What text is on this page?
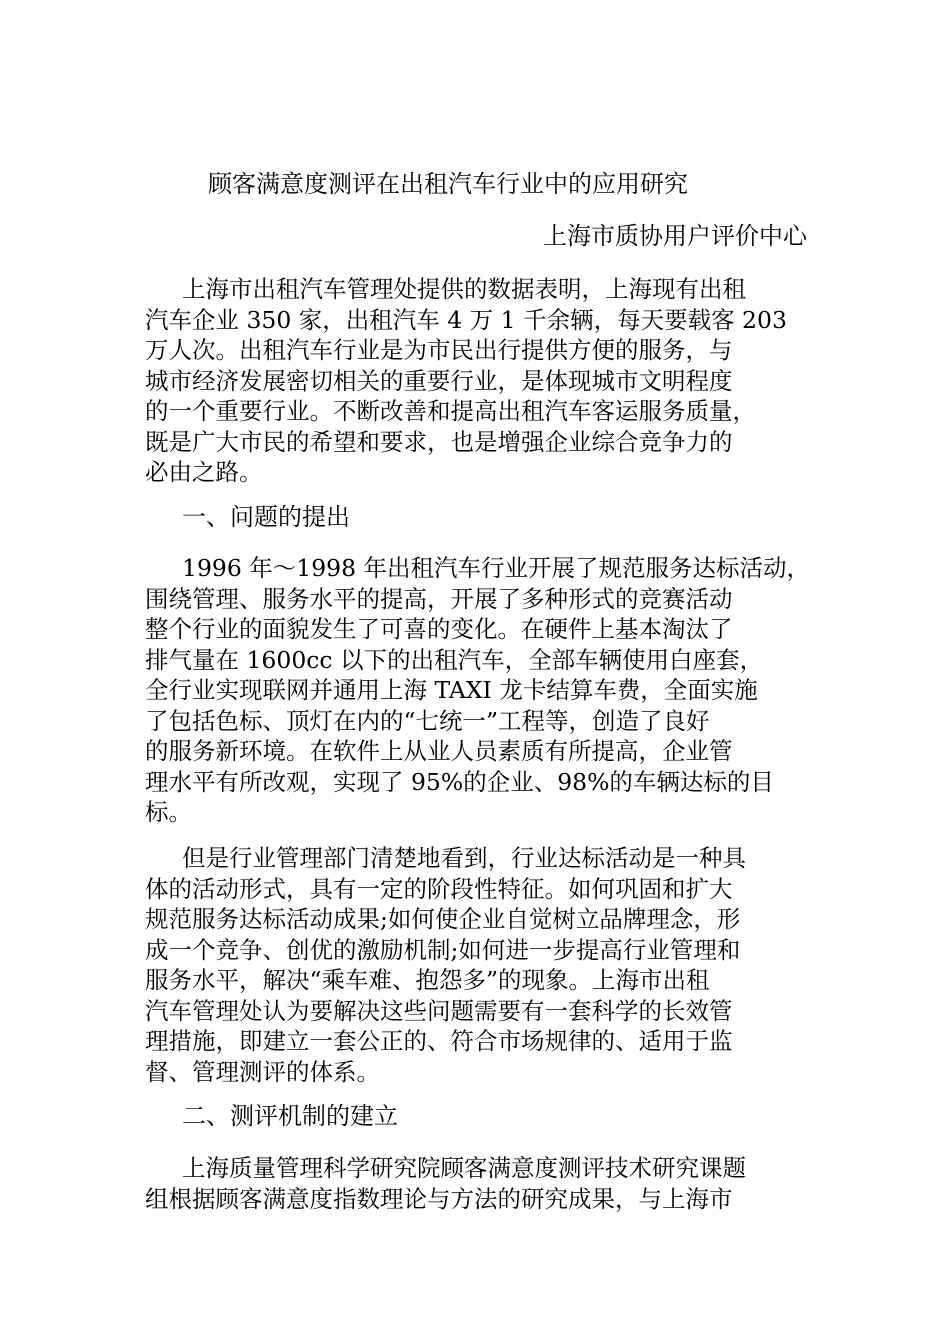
顾客满意度测评在出租汽车行业中的应用研究
上海市质协用户评价中心
上海市出租汽车管理处提供的数据表明，上海现有出租
汽车企业 350 家，出租汽车 4 万 1 千余辆，每天要载客 203
万人次。出租汽车行业是为市民出行提供方便的服务，与
城市经济发展密切相关的重要行业，是体现城市文明程度
的一个重要行业。不断改善和提高出租汽车客运服务质量，
既是广大市民的希望和要求，也是增强企业综合竞争力的
必由之路。
一、问题的提出
1996 年～1998 年出租汽车行业开展了规范服务达标活动，
围绕管理、服务水平的提高，开展了多种形式的竞赛活动
整个行业的面貌发生了可喜的变化。在硬件上基本淘汰了
排气量在 1600cc 以下的出租汽车，全部车辆使用白座套，
全行业实现联网并通用上海 TAXI 龙卡结算车费，全面实施
了包括色标、顶灯在内的“七统一”工程等，创造了良好
的服务新环境。在软件上从业人员素质有所提高，企业管
理水平有所改观，实现了 95%的企业、98%的车辆达标的目
标。
但是行业管理部门清楚地看到，行业达标活动是一种具
体的活动形式，具有一定的阶段性特征。如何巩固和扩大
规范服务达标活动成果;如何使企业自觉树立品牌理念，形
成一个竞争、创优的激励机制;如何进一步提高行业管理和
服务水平，解决“乘车难、抱怨多”的现象。上海市出租
汽车管理处认为要解决这些问题需要有一套科学的长效管
理措施，即建立一套公正的、符合市场规律的、适用于监
督、管理测评的体系。
二、测评机制的建立
上海质量管理科学研究院顾客满意度测评技术研究课题
组根据顾客满意度指数理论与方法的研究成果，与上海市
